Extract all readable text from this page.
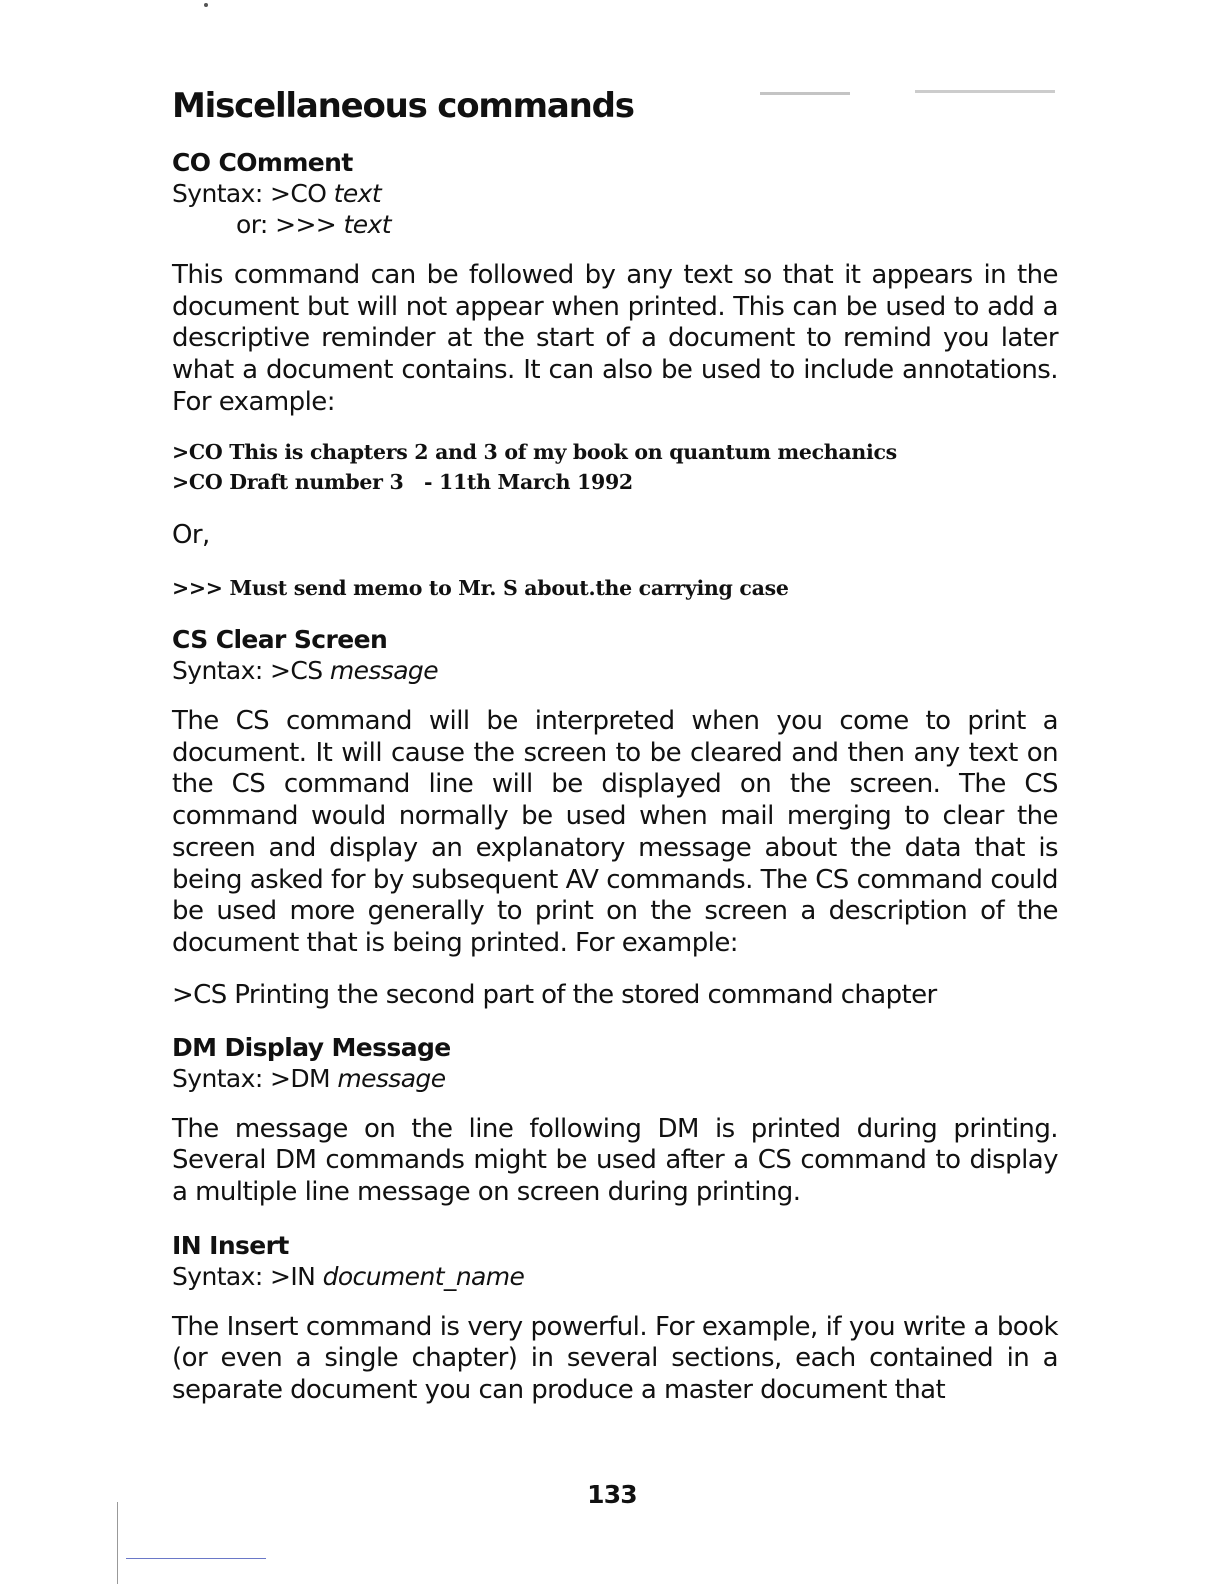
Miscellaneous commands

CO COmment

Syntax: >CO text

or: >>> text

This command can be followed by any text so that it appears in the document but will not appear when printed. This can be used to add a descriptive reminder at the start of a document to remind you later what a document contains. It can also be used to include annotations. For example:

>CO This is chapters 2 and 3 of my book on quantum mechanics

>CO Draft number 3   - 11th March 1992

Or,

>>> Must send memo to Mr. S about.the carrying case

CS Clear Screen

Syntax: >CS message

The CS command will be interpreted when you come to print a document. It will cause the screen to be cleared and then any text on the CS command line will be displayed on the screen. The CS command would normally be used when mail merging to clear the screen and display an explanatory message about the data that is being asked for by subsequent AV commands. The CS command could be used more generally to print on the screen a description of the document that is being printed. For example:

>CS Printing the second part of the stored command chapter

DM Display Message

Syntax: >DM message

The message on the line following DM is printed during printing. Several DM commands might be used after a CS command to display a multiple line message on screen during printing.

IN Insert

Syntax: >IN document_name

The Insert command is very powerful. For example, if you write a book (or even a single chapter) in several sections, each contained in a separate document you can produce a master document that

133
